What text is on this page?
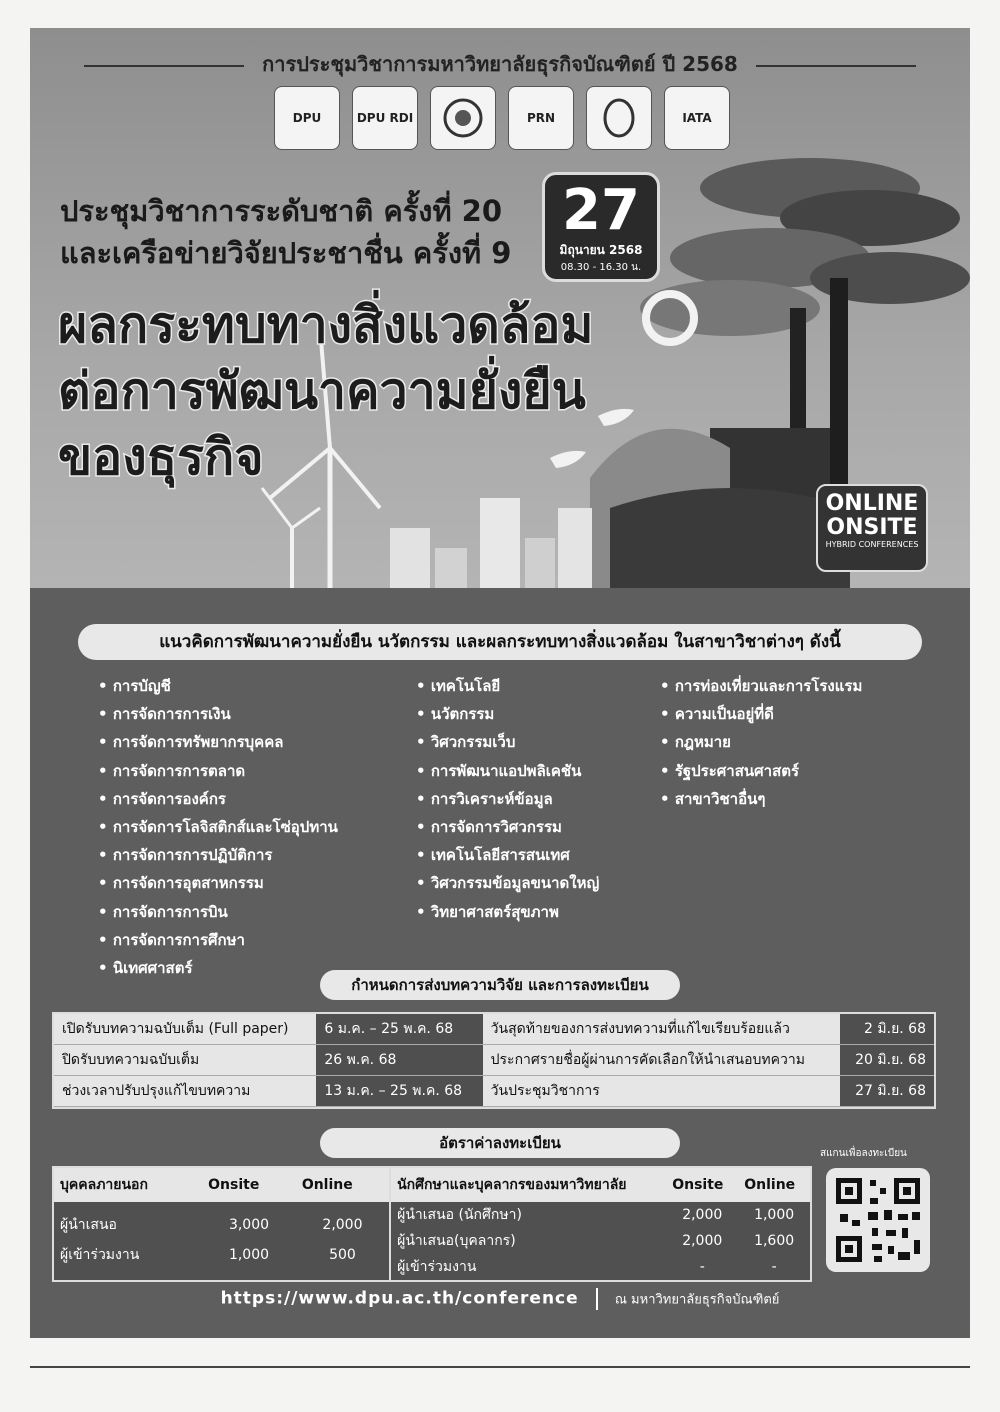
การประชุมวิชาการมหาวิทยาลัยธุรกิจบัณฑิตย์ ปี 2568
DPU	DPU RDI	PRN	IATA
ประชุมวิชาการระดับชาติ ครั้งที่ 20
และเครือข่ายวิจัยประชาชื่น ครั้งที่ 9
27
มิถุนายน 2568
08.30 - 16.30 น.
ผลกระทบทางสิ่งแวดล้อม
ต่อการพัฒนาความยั่งยืน
ของธุรกิจ
ONLINE
ONSITE
HYBRID CONFERENCES
แนวคิดการพัฒนาความยั่งยืน นวัตกรรม และผลกระทบทางสิ่งแวดล้อม ในสาขาวิชาต่างๆ ดังนี้
• การบัญชี
• การจัดการการเงิน
• การจัดการทรัพยากรบุคคล
• การจัดการการตลาด
• การจัดการองค์กร
• การจัดการโลจิสติกส์และโซ่อุปทาน
• การจัดการการปฏิบัติการ
• การจัดการอุตสาหกรรม
• การจัดการการบิน
• การจัดการการศึกษา
• นิเทศศาสตร์
• เทคโนโลยี
• นวัตกรรม
• วิศวกรรมเว็บ
• การพัฒนาแอปพลิเคชัน
• การวิเคราะห์ข้อมูล
• การจัดการวิศวกรรม
• เทคโนโลยีสารสนเทศ
• วิศวกรรมข้อมูลขนาดใหญ่
• วิทยาศาสตร์สุขภาพ
• การท่องเที่ยวและการโรงแรม
• ความเป็นอยู่ที่ดี
• กฎหมาย
• รัฐประศาสนศาสตร์
• สาขาวิชาอื่นๆ
กำหนดการส่งบทความวิจัย และการลงทะเบียน
เปิดรับบทความฉบับเต็ม (Full paper)	6 ม.ค. – 25 พ.ค. 68	วันสุดท้ายของการส่งบทความที่แก้ไขเรียบร้อยแล้ว	2 มิ.ย. 68
ปิดรับบทความฉบับเต็ม	26 พ.ค. 68	ประกาศรายชื่อผู้ผ่านการคัดเลือกให้นำเสนอบทความ	20 มิ.ย. 68
ช่วงเวลาปรับปรุงแก้ไขบทความ	13 ม.ค. – 25 พ.ค. 68	วันประชุมวิชาการ	27 มิ.ย. 68
อัตราค่าลงทะเบียน
บุคคลภายนอก	Onsite	Online
ผู้นำเสนอ	3,000	2,000
ผู้เข้าร่วมงาน	1,000	500
นักศึกษาและบุคลากรของมหาวิทยาลัย	Onsite	Online
ผู้นำเสนอ (นักศึกษา)	2,000	1,000
ผู้นำเสนอ(บุคลากร)	2,000	1,600
ผู้เข้าร่วมงาน	-	-
สแกนเพื่อลงทะเบียน
https://www.dpu.ac.th/conference	ณ มหาวิทยาลัยธุรกิจบัณฑิตย์
